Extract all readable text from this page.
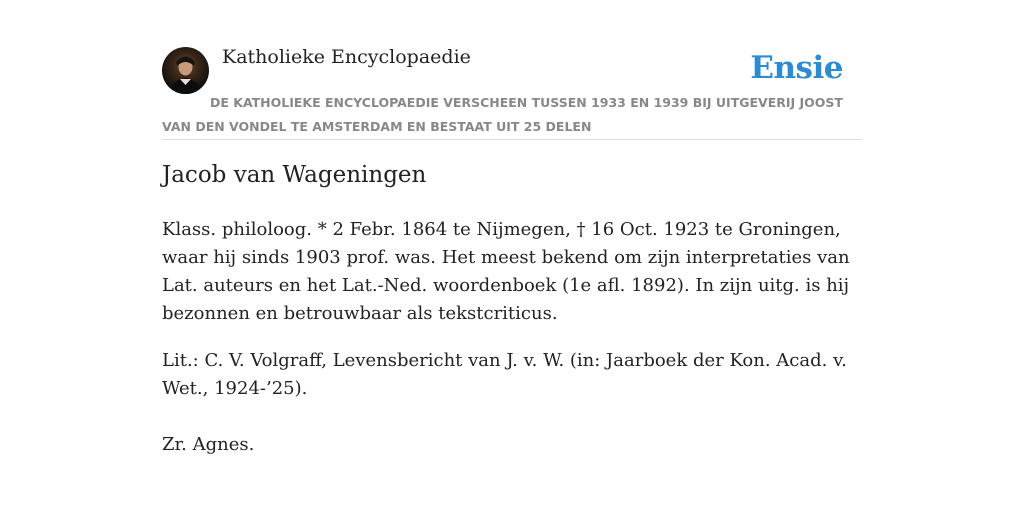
Katholieke Encyclopaedie	Ensie
DE KATHOLIEKE ENCYCLOPAEDIE VERSCHEEN TUSSEN 1933 EN 1939 BIJ UITGEVERIJ JOOST VAN DEN VONDEL TE AMSTERDAM EN BESTAAT UIT 25 DELEN
Jacob van Wageningen

Klass. philoloog. * 2 Febr. 1864 te Nijmegen, † 16 Oct. 1923 te Groningen, waar hij sinds 1903 prof. was. Het meest bekend om zijn interpretaties van Lat. auteurs en het Lat.-Ned. woordenboek (1e afl. 1892). In zijn uitg. is hij bezonnen en betrouwbaar als tekstcriticus.

Lit.: C. V. Volgraff, Levensbericht van J. v. W. (in: Jaarboek der Kon. Acad. v. Wet., 1924-’25).

Zr. Agnes.
